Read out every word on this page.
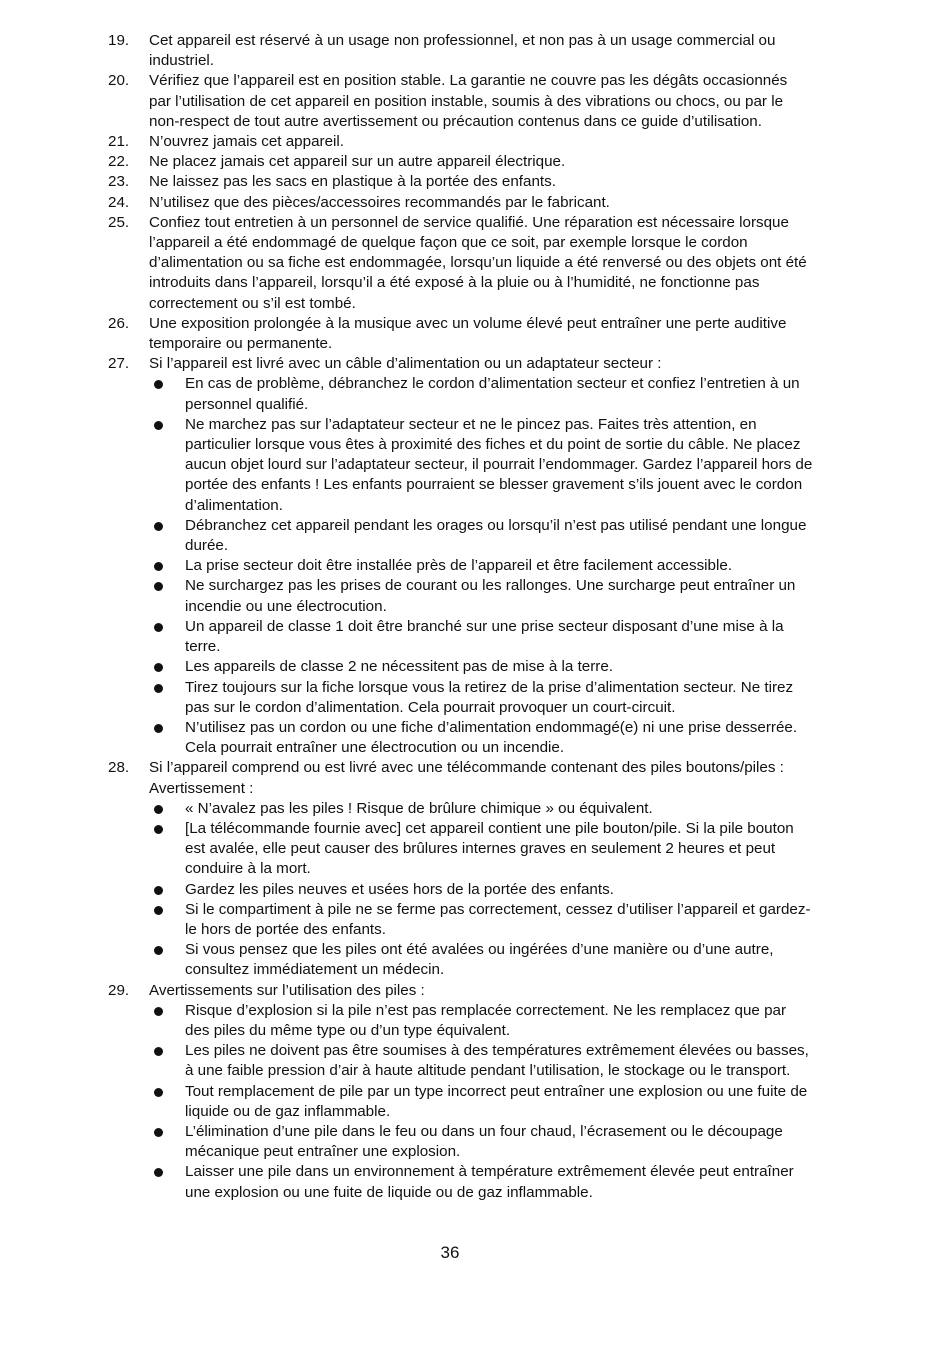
19.	Cet appareil est réservé à un usage non professionnel, et non pas à un usage commercial ou industriel.
20.	Vérifiez que l’appareil est en position stable. La garantie ne couvre pas les dégâts occasionnés par l’utilisation de cet appareil en position instable, soumis à des vibrations ou chocs, ou par le non-respect de tout autre avertissement ou précaution contenus dans ce guide d’utilisation.
21.	N’ouvrez jamais cet appareil.
22.	Ne placez jamais cet appareil sur un autre appareil électrique.
23.	Ne laissez pas les sacs en plastique à la portée des enfants.
24.	N’utilisez que des pièces/accessoires recommandés par le fabricant.
25.	Confiez tout entretien à un personnel de service qualifié. Une réparation est nécessaire lorsque l’appareil a été endommagé de quelque façon que ce soit, par exemple lorsque le cordon d’alimentation ou sa fiche est endommagée, lorsqu’un liquide a été renversé ou des objets ont été introduits dans l’appareil, lorsqu’il a été exposé à la pluie ou à l’humidité, ne fonctionne pas correctement ou s’il est tombé.
26.	Une exposition prolongée à la musique avec un volume élevé peut entraîner une perte auditive temporaire ou permanente.
27.	Si l’appareil est livré avec un câble d’alimentation ou un adaptateur secteur :
En cas de problème, débranchez le cordon d’alimentation secteur et confiez l’entretien à un personnel qualifié.
Ne marchez pas sur l’adaptateur secteur et ne le pincez pas. Faites très attention, en particulier lorsque vous êtes à proximité des fiches et du point de sortie du câble. Ne placez aucun objet lourd sur l’adaptateur secteur, il pourrait l’endommager. Gardez l’appareil hors de portée des enfants ! Les enfants pourraient se blesser gravement s’ils jouent avec le cordon d’alimentation.
Débranchez cet appareil pendant les orages ou lorsqu’il n’est pas utilisé pendant une longue durée.
La prise secteur doit être installée près de l’appareil et être facilement accessible.
Ne surchargez pas les prises de courant ou les rallonges. Une surcharge peut entraîner un incendie ou une électrocution.
Un appareil de classe 1 doit être branché sur une prise secteur disposant d’une mise à la terre.
Les appareils de classe 2 ne nécessitent pas de mise à la terre.
Tirez toujours sur la fiche lorsque vous la retirez de la prise d’alimentation secteur. Ne tirez pas sur le cordon d’alimentation. Cela pourrait provoquer un court-circuit.
N’utilisez pas un cordon ou une fiche d’alimentation endommagé(e) ni une prise desserrée. Cela pourrait entraîner une électrocution ou un incendie.
28.	Si l’appareil comprend ou est livré avec une télécommande contenant des piles boutons/piles : Avertissement :
« N’avalez pas les piles ! Risque de brûlure chimique » ou équivalent.
[La télécommande fournie avec] cet appareil contient une pile bouton/pile. Si la pile bouton est avalée, elle peut causer des brûlures internes graves en seulement 2 heures et peut conduire à la mort.
Gardez les piles neuves et usées hors de la portée des enfants.
Si le compartiment à pile ne se ferme pas correctement, cessez d’utiliser l’appareil et gardez-le hors de portée des enfants.
Si vous pensez que les piles ont été avalées ou ingérées d’une manière ou d’une autre, consultez immédiatement un médecin.
29.	Avertissements sur l’utilisation des piles :
Risque d’explosion si la pile n’est pas remplacée correctement. Ne les remplacez que par des piles du même type ou d’un type équivalent.
Les piles ne doivent pas être soumises à des températures extrêmement élevées ou basses, à une faible pression d’air à haute altitude pendant l’utilisation, le stockage ou le transport.
Tout remplacement de pile par un type incorrect peut entraîner une explosion ou une fuite de liquide ou de gaz inflammable.
L’élimination d’une pile dans le feu ou dans un four chaud, l’écrasement ou le découpage mécanique peut entraîner une explosion.
Laisser une pile dans un environnement à température extrêmement élevée peut entraîner une explosion ou une fuite de liquide ou de gaz inflammable.
36
